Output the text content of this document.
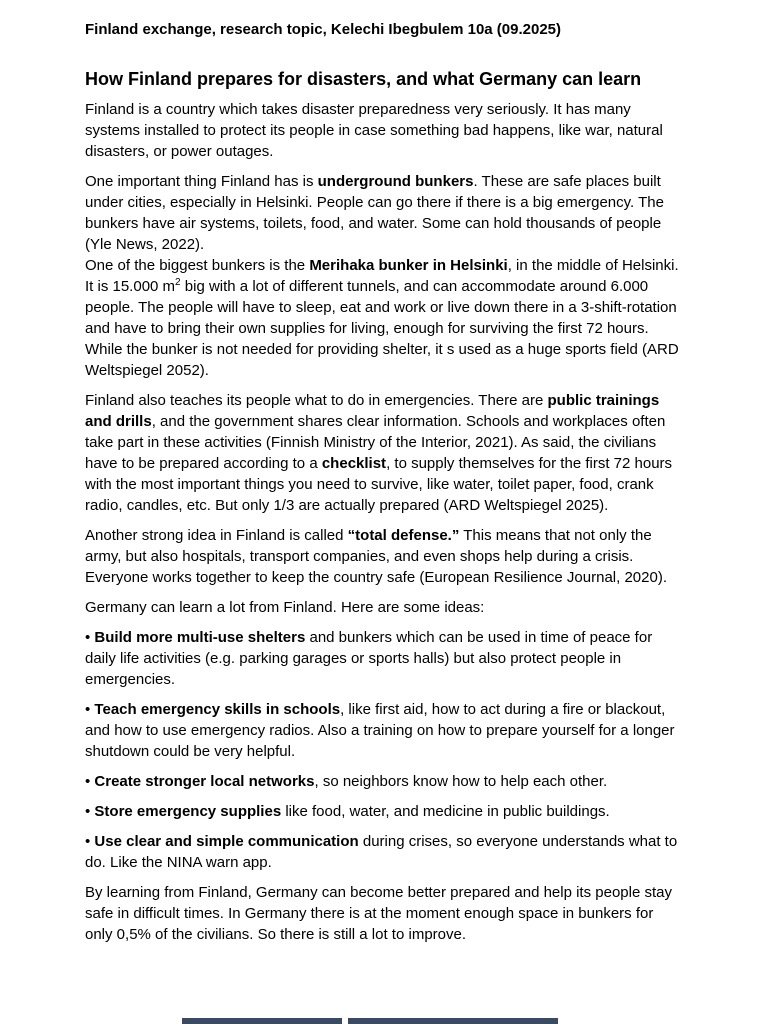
Finland exchange, research topic, Kelechi Ibegbulem 10a (09.2025)

How Finland prepares for disasters, and what Germany can learn

Finland is a country which takes disaster preparedness very seriously. It has many systems installed to protect its people in case something bad happens, like war, natural disasters, or power outages.

One important thing Finland has is underground bunkers. These are safe places built under cities, especially in Helsinki. People can go there if there is a big emergency. The bunkers have air systems, toilets, food, and water. Some can hold thousands of people (Yle News, 2022).

One of the biggest bunkers is the Merihaka bunker in Helsinki, in the middle of Helsinki. It is 15.000 $m^2$ big with a lot of different tunnels, and can accommodate around 6.000 people. The people will have to sleep, eat and work or live down there in a 3-shift-rotation and have to bring their own supplies for living, enough for surviving the first 72 hours. While the bunker is not needed for providing shelter, it s used as a huge sports field (ARD Weltspiegel 2052).

Finland also teaches its people what to do in emergencies. There are public trainings and drills, and the government shares clear information. Schools and workplaces often take part in these activities (Finnish Ministry of the Interior, 2021). As said, the civilians have to be prepared according to a checklist, to supply themselves for the first 72 hours with the most important things you need to survive, like water, toilet paper, food, crank radio, candles, etc. But only 1/3 are actually prepared (ARD Weltspiegel 2025).

Another strong idea in Finland is called “total defense.” This means that not only the army, but also hospitals, transport companies, and even shops help during a crisis. Everyone works together to keep the country safe (European Resilience Journal, 2020).

Germany can learn a lot from Finland. Here are some ideas:

• Build more multi-use shelters and bunkers which can be used in time of peace for daily life activities (e.g. parking garages or sports halls) but also protect people in emergencies.

• Teach emergency skills in schools, like first aid, how to act during a fire or blackout, and how to use emergency radios. Also a training on how to prepare yourself for a longer shutdown could be very helpful.

• Create stronger local networks, so neighbors know how to help each other.

• Store emergency supplies like food, water, and medicine in public buildings.

• Use clear and simple communication during crises, so everyone understands what to do. Like the NINA warn app.

By learning from Finland, Germany can become better prepared and help its people stay safe in difficult times. In Germany there is at the moment enough space in bunkers for only 0,5% of the civilians. So there is still a lot to improve.
